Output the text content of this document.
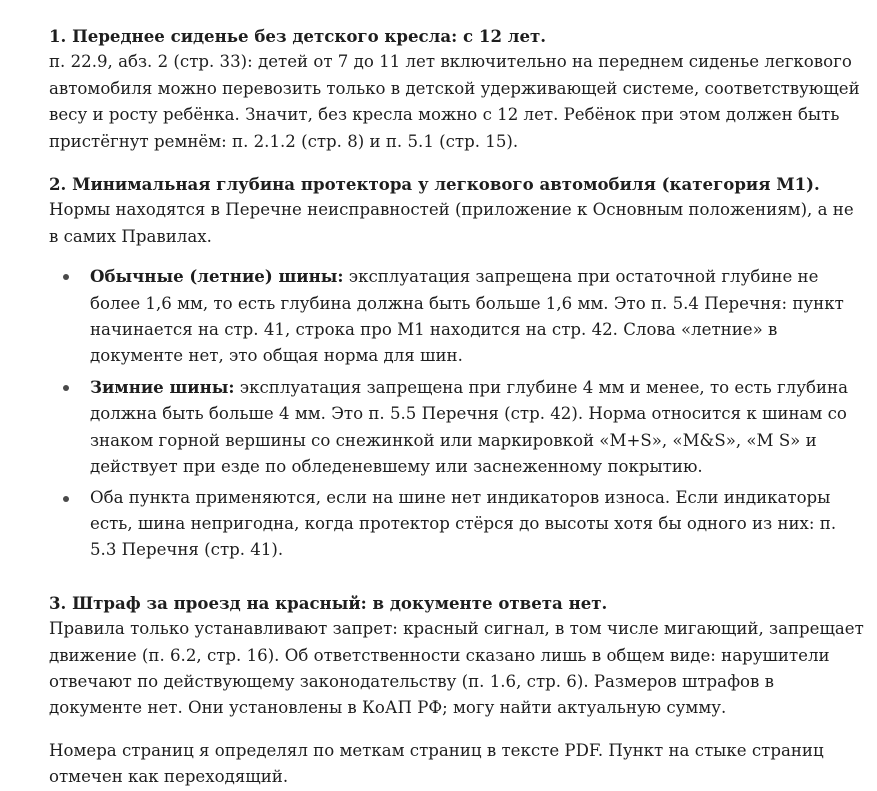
1. Переднее сиденье без детского кресла: с 12 лет.

п. 22.9, абз. 2 (стр. 33): детей от 7 до 11 лет включительно на переднем сиденье легкового автомобиля можно перевозить только в детской удерживающей системе, соответствующей весу и росту ребёнка. Значит, без кресла можно с 12 лет. Ребёнок при этом должен быть пристёгнут ремнём: п. 2.1.2 (стр. 8) и п. 5.1 (стр. 15).

2. Минимальная глубина протектора у легкового автомобиля (категория M1).

Нормы находятся в Перечне неисправностей (приложение к Основным положениям), а не в самих Правилах.

Обычные (летние) шины: эксплуатация запрещена при остаточной глубине не более 1,6 мм, то есть глубина должна быть больше 1,6 мм. Это п. 5.4 Перечня: пункт начинается на стр. 41, строка про M1 находится на стр. 42. Слова «летние» в документе нет, это общая норма для шин.
Зимние шины: эксплуатация запрещена при глубине 4 мм и менее, то есть глубина должна быть больше 4 мм. Это п. 5.5 Перечня (стр. 42). Норма относится к шинам со знаком горной вершины со снежинкой или маркировкой «M+S», «M&S», «M S» и действует при езде по обледеневшему или заснеженному покрытию.
Оба пункта применяются, если на шине нет индикаторов износа. Если индикаторы есть, шина непригодна, когда протектор стёрся до высоты хотя бы одного из них: п. 5.3 Перечня (стр. 41).

3. Штраф за проезд на красный: в документе ответа нет.

Правила только устанавливают запрет: красный сигнал, в том числе мигающий, запрещает движение (п. 6.2, стр. 16). Об ответственности сказано лишь в общем виде: нарушители отвечают по действующему законодательству (п. 1.6, стр. 6). Размеров штрафов в документе нет. Они установлены в КоАП РФ; могу найти актуальную сумму.

Номера страниц я определял по меткам страниц в тексте PDF. Пункт на стыке страниц отмечен как переходящий.
